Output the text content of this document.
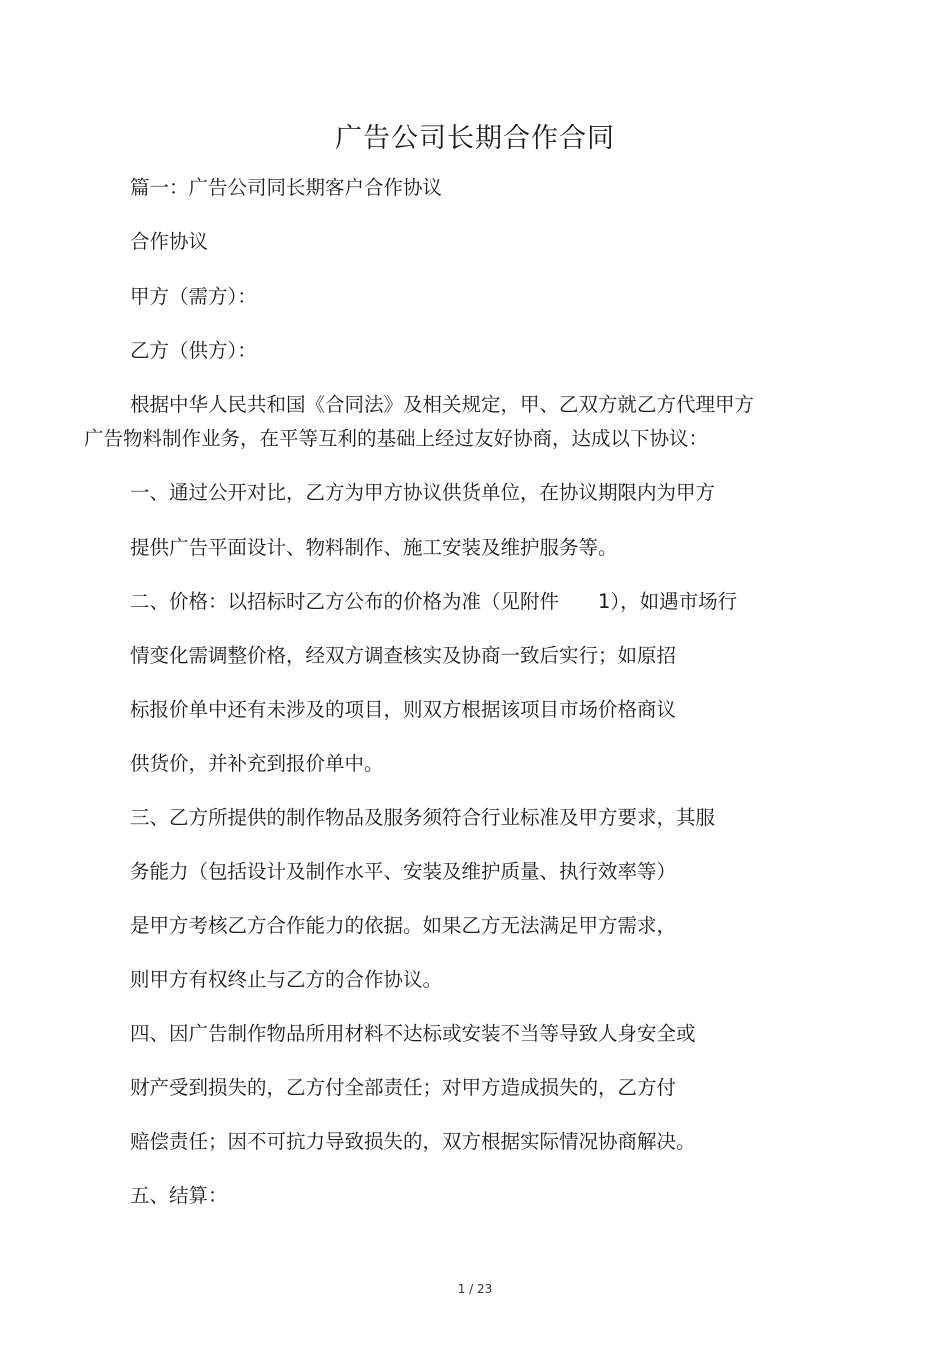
广告公司长期合作合同

篇一：广告公司同长期客户合作协议

合作协议

甲方（需方）：

乙方（供方）：

根据中华人民共和国《合同法》及相关规定，甲、乙双方就乙方代理甲方

广告物料制作业务，在平等互利的基础上经过友好协商，达成以下协议：

一、通过公开对比，乙方为甲方协议供货单位，在协议期限内为甲方

提供广告平面设计、物料制作、施工安装及维护服务等。

二、价格：以招标时乙方公布的价格为准（见附件　　1），如遇市场行

情变化需调整价格，经双方调查核实及协商一致后实行；如原招

标报价单中还有未涉及的项目，则双方根据该项目市场价格商议

供货价，并补充到报价单中。

三、乙方所提供的制作物品及服务须符合行业标准及甲方要求，其服

务能力（包括设计及制作水平、安装及维护质量、执行效率等）

是甲方考核乙方合作能力的依据。如果乙方无法满足甲方需求，

则甲方有权终止与乙方的合作协议。

四、因广告制作物品所用材料不达标或安装不当等导致人身安全或

财产受到损失的，乙方付全部责任；对甲方造成损失的，乙方付

赔偿责任；因不可抗力导致损失的，双方根据实际情况协商解决。

五、结算：

1 / 23
